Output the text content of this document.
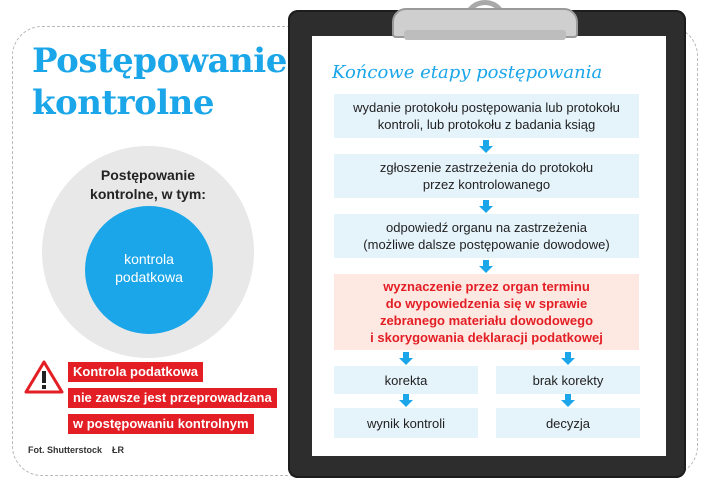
Postępowanie
kontrolne
Postępowanie
kontrolne, w tym:
kontrola
podatkowa
Kontrola podatkowa
nie zawsze jest przeprowadzana
w postępowaniu kontrolnym
Fot. Shutterstock ŁR
Końcowe etapy postępowania
wydanie protokołu postępowania lub protokołu
kontroli, lub protokołu z badania ksiąg
zgłoszenie zastrzeżenia do protokołu
przez kontrolowanego
odpowiedź organu na zastrzeżenia
(możliwe dalsze postępowanie dowodowe)
wyznaczenie przez organ terminu
do wypowiedzenia się w sprawie
zebranego materiału dowodowego
i skorygowania deklaracji podatkowej
korekta	brak korekty
wynik kontroli	decyzja
